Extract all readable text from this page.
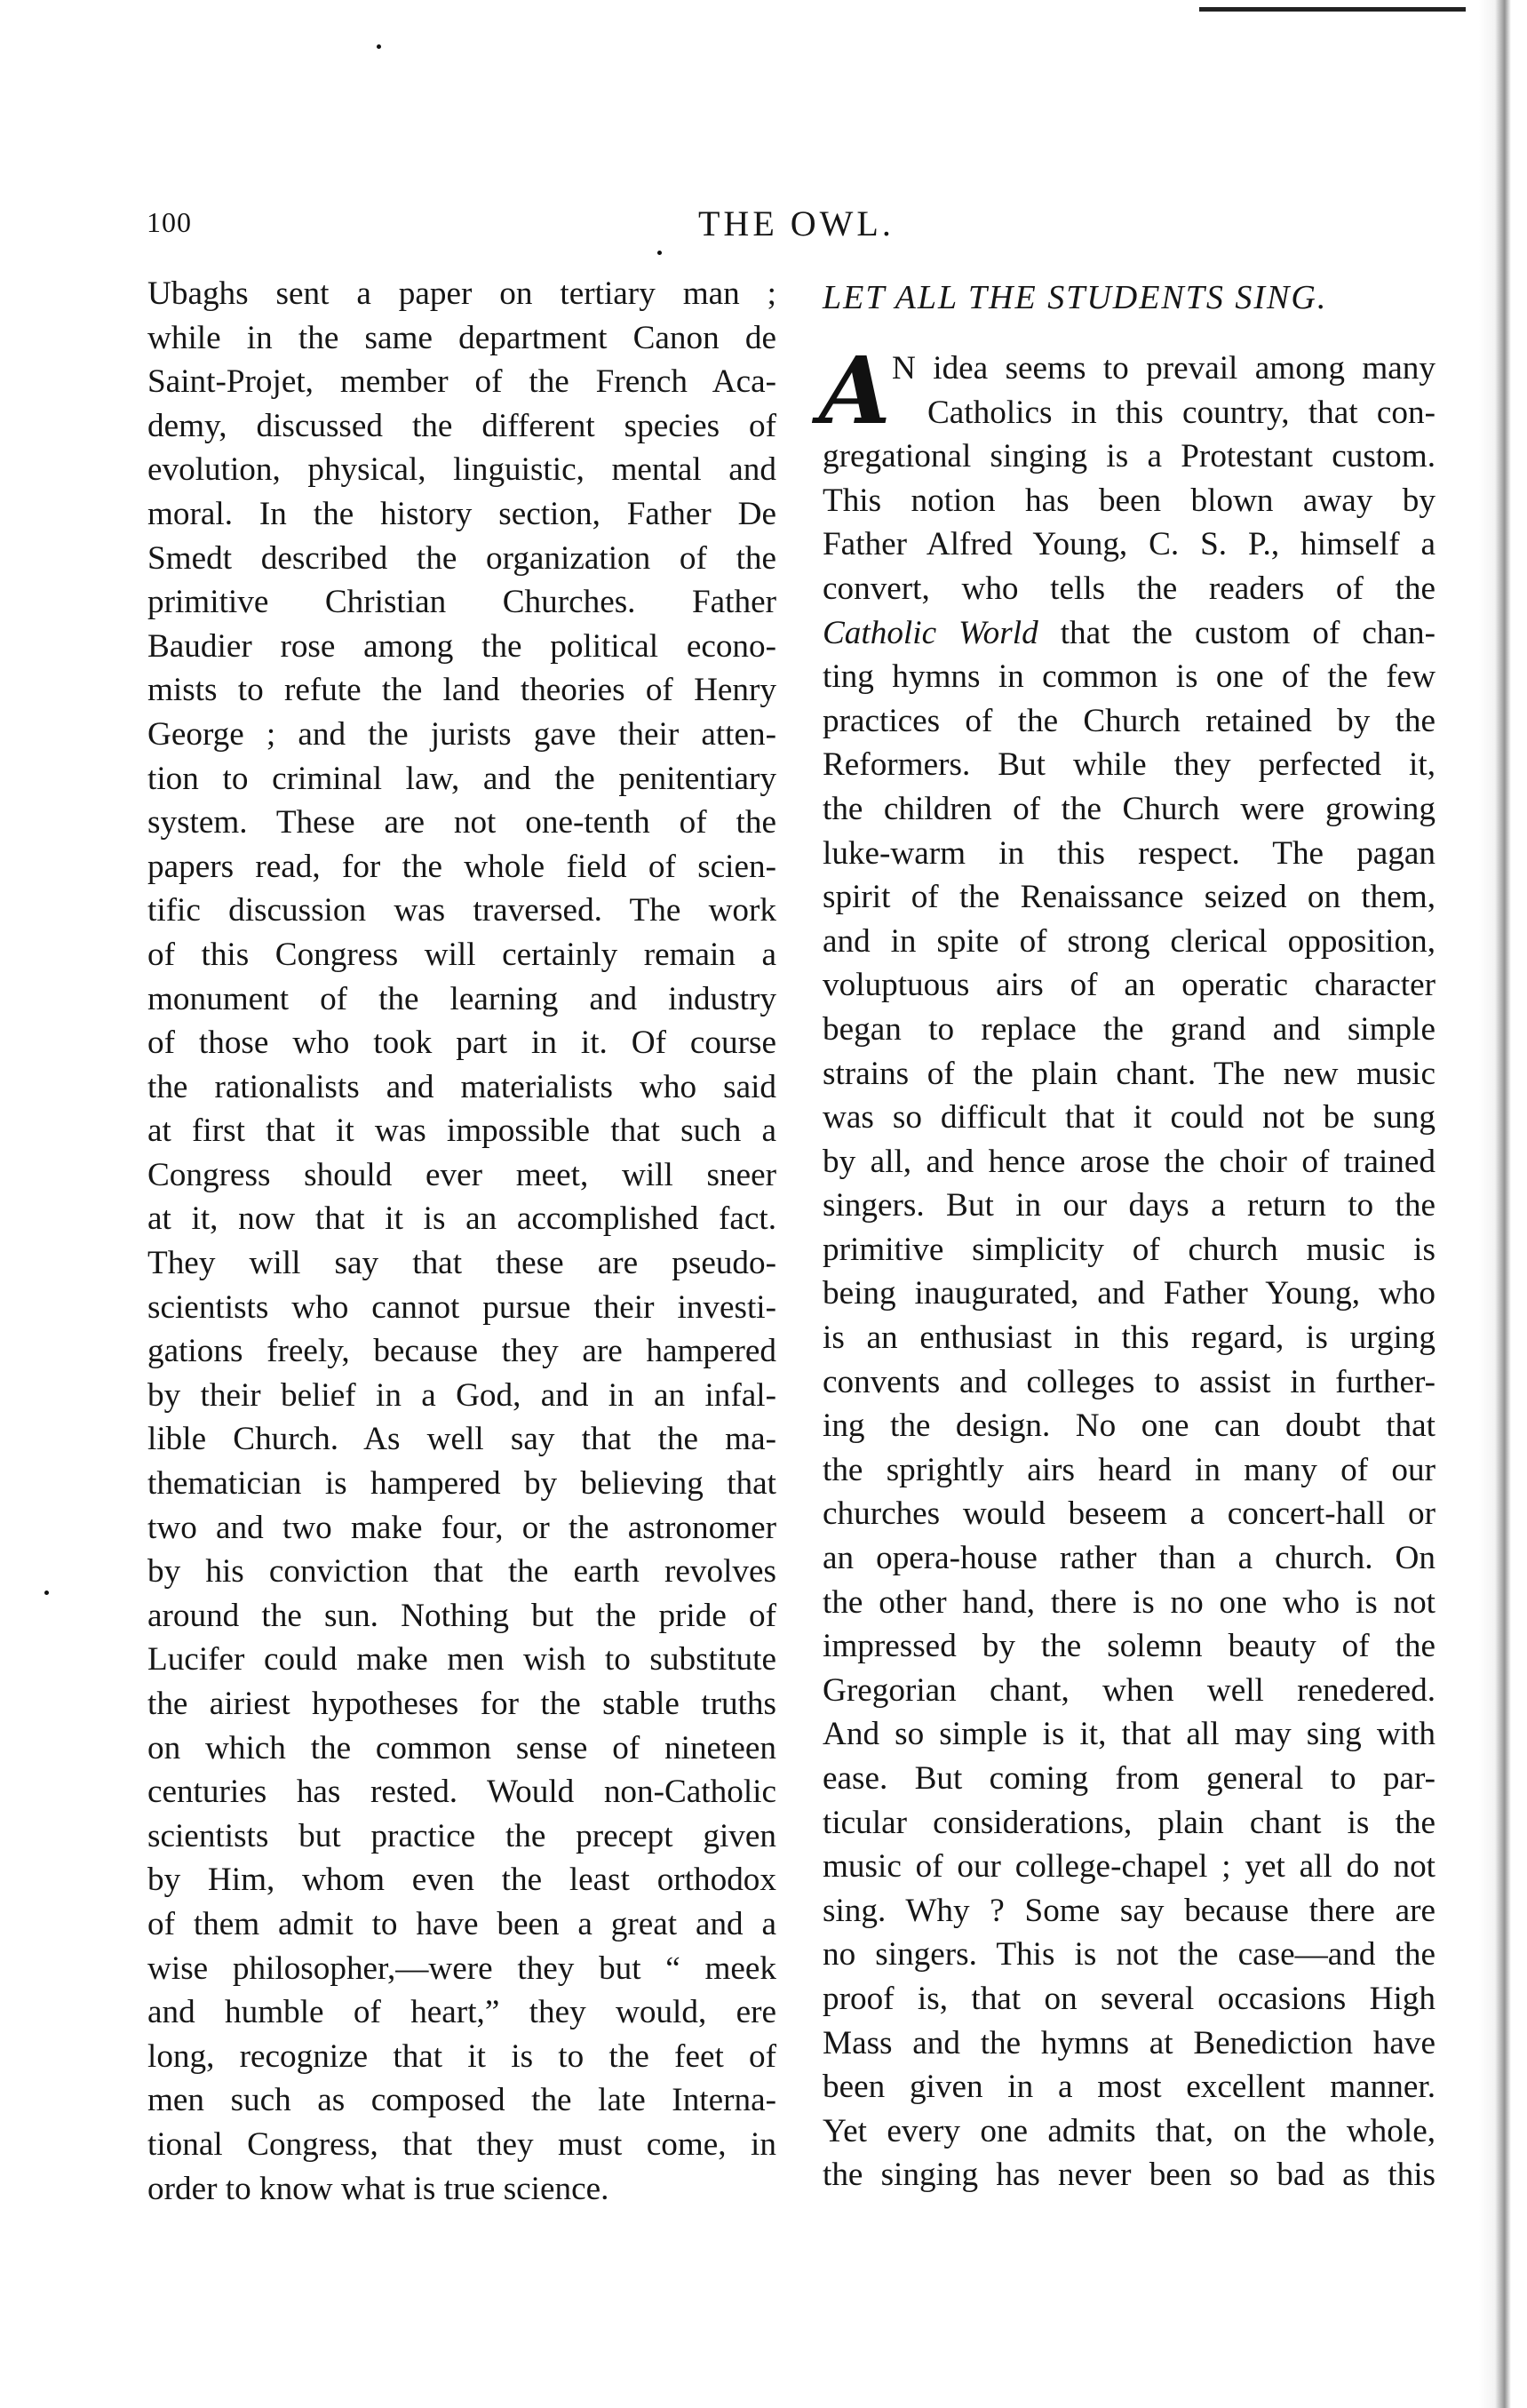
100	THE OWL.
Ubaghs sent a paper on tertiary man ;
while in the same department Canon de
Saint-Projet, member of the French Aca-
demy, discussed the different species of
evolution, physical, linguistic, mental and
moral. In the history section, Father De
Smedt described the organization of the
primitive Christian Churches. Father
Baudier rose among the political econo-
mists to refute the land theories of Henry
George ; and the jurists gave their atten-
tion to criminal law, and the penitentiary
system. These are not one-tenth of the
papers read, for the whole field of scien-
tific discussion was traversed. The work
of this Congress will certainly remain a
monument of the learning and industry
of those who took part in it. Of course
the rationalists and materialists who said
at first that it was impossible that such a
Congress should ever meet, will sneer
at it, now that it is an accomplished fact.
They will say that these are pseudo-
scientists who cannot pursue their investi-
gations freely, because they are hampered
by their belief in a God, and in an infal-
lible Church. As well say that the ma-
thematician is hampered by believing that
two and two make four, or the astronomer
by his conviction that the earth revolves
around the sun. Nothing but the pride of
Lucifer could make men wish to substitute
the airiest hypotheses for the stable truths
on which the common sense of nineteen
centuries has rested. Would non-Catholic
scientists but practice the precept given
by Him, whom even the least orthodox
of them admit to have been a great and a
wise philosopher,—were they but “ meek
and humble of heart,” they would, ere
long, recognize that it is to the feet of
men such as composed the late Interna-
tional Congress, that they must come, in
order to know what is true science.
LET ALL THE STUDENTS SING.
A N idea seems to prevail among many
Catholics in this country, that con-
gregational singing is a Protestant custom.
This notion has been blown away by
Father Alfred Young, C. S. P., himself a
convert, who tells the readers of the
Catholic World that the custom of chan-
ting hymns in common is one of the few
practices of the Church retained by the
Reformers. But while they perfected it,
the children of the Church were growing
luke-warm in this respect. The pagan
spirit of the Renaissance seized on them,
and in spite of strong clerical opposition,
voluptuous airs of an operatic character
began to replace the grand and simple
strains of the plain chant. The new music
was so difficult that it could not be sung
by all, and hence arose the choir of trained
singers. But in our days a return to the
primitive simplicity of church music is
being inaugurated, and Father Young, who
is an enthusiast in this regard, is urging
convents and colleges to assist in further-
ing the design. No one can doubt that
the sprightly airs heard in many of our
churches would beseem a concert-hall or
an opera-house rather than a church. On
the other hand, there is no one who is not
impressed by the solemn beauty of the
Gregorian chant, when well renedered.
And so simple is it, that all may sing with
ease. But coming from general to par-
ticular considerations, plain chant is the
music of our college-chapel ; yet all do not
sing. Why ? Some say because there are
no singers. This is not the case—and the
proof is, that on several occasions High
Mass and the hymns at Benediction have
been given in a most excellent manner.
Yet every one admits that, on the whole,
the singing has never been so bad as this
